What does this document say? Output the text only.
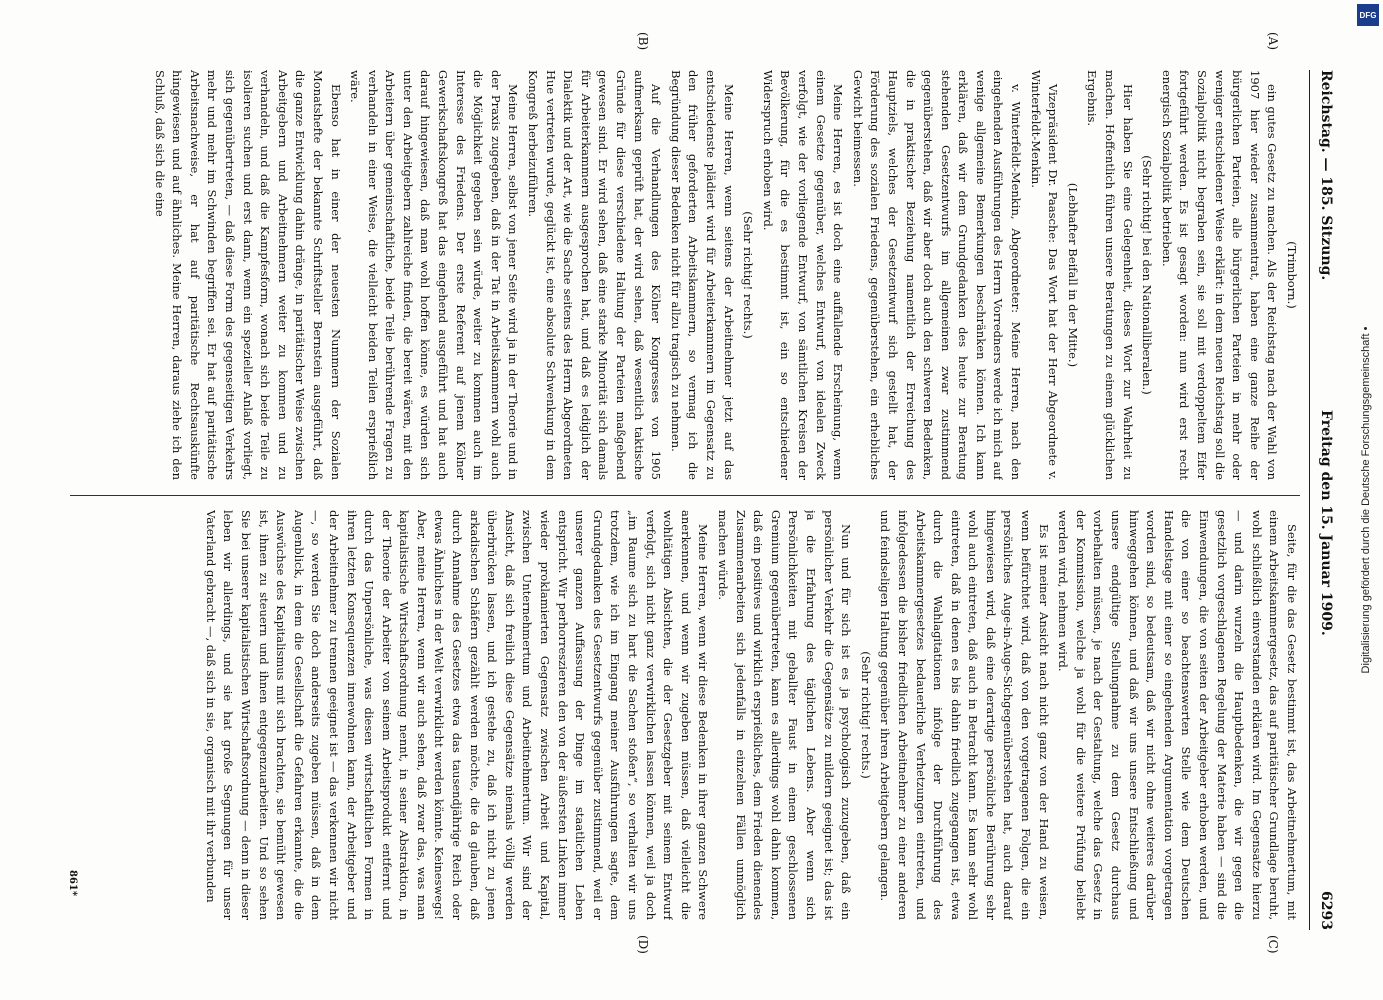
Reichstag. — 185. Sitzung.
Freitag den 15. Januar 1909.
6293
(A)
(B)
(C)
(D)

(Trimborn.)

ein gutes Gesetz zu machen. Als der Reichstag nach der Wahl von 1907 hier wieder zusammentrat, haben eine ganze Reihe der bürgerlichen Parteien, alle bürgerlichen Parteien in mehr oder weniger entschiedener Weise erklärt: in dem neuen Reichstag soll die Sozialpolitik nicht begraben sein, sie soll mit verdoppeltem Eifer fortgeführt werden. Es ist gesagt worden: nun wird erst recht energisch Sozialpolitik betrieben.

(Sehr richtig! bei den Nationalliberalen.)

Hier haben Sie eine Gelegenheit, dieses Wort zur Wahrheit zu machen. Hoffentlich führen unsere Beratungen zu einem glücklichen Ergebnis.

(Lebhafter Beifall in der Mitte.)

Vizepräsident Dr. Paasche: Das Wort hat der Herr Abgeordnete v. Winterfeldt-Menkin.

v. Winterfeldt-Menkin, Abgeordneter: Meine Herren, nach den eingehenden Ausführungen des Herrn Vorredners werde ich mich auf wenige allgemeine Bemerkungen beschränken können. Ich kann erklären, daß wir dem Grundgedanken des heute zur Beratung stehenden Gesetzentwurfs im allgemeinen zwar zustimmend gegenüberstehen, daß wir aber doch auch den schweren Bedenken, die in praktischer Beziehung namentlich der Erreichung des Hauptziels, welches der Gesetzentwurf sich gestellt hat, der Förderung des sozialen Friedens, gegenüberstehen, ein erhebliches Gewicht beimessen.

Meine Herren, es ist doch eine auffallende Erscheinung, wenn einem Gesetze gegenüber, welches Entwurf, von idealen Zweck verfolgt, wie der vorliegende Entwurf, von sämtlichen Kreisen der Bevölkerung, für die es bestimmt ist, ein so entschiedener Widerspruch erhoben wird.

(Sehr richtig! rechts.)

Meine Herren, wenn seitens der Arbeitnehmer jetzt auf das entschiedenste plädiert wird für Arbeiterkammern im Gegensatz zu den früher geforderten Arbeitskammern, so vermag ich die Begründung dieser Bedenken nicht für allzu tragisch zu nehmen.

Auf die Verhandlungen des Kölner Kongresses von 1905 aufmerksam geprüft hat, der wird sehen, daß wesentlich taktische Gründe für diese verschiedene Haltung der Parteien maßgebend gewesen sind. Er wird sehen, daß eine starke Minorität sich damals für Arbeiterkammern ausgesprochen hat, und daß es lediglich der Dialektik und der Art, wie die Sache seitens des Herrn Abgeordneten Hue vertreten wurde, geglückt ist, eine absolute Schwenkung in dem Kongreß herbeizuführen.

Meine Herren, selbst von jener Seite wird ja in der Theorie und in der Praxis zugegeben, daß in der Tat in Arbeitskammern wohl auch die Möglichkeit gegeben sein würde, weiter zu kommen auch im Interesse des Friedens. Der erste Referent auf jenem Kölner Gewerkschaftskongreß hat das eingehend ausgeführt und hat auch darauf hingewiesen, daß man wohl hoffen könne, es würden sich unter den Arbeitgebern zahlreiche finden, die bereit wären, mit den Arbeitern über gemeinschaftliche, beide Teile berührende Fragen zu verhandeln in einer Weise, die vielleicht beiden Teilen ersprießlich wäre.

Ebenso hat in einer der neuesten Nummern der Sozialen Monatshefte der bekannte Schriftsteller Bernstein ausgeführt, daß die ganze Entwicklung dahin dränge, in paritätischer Weise zwischen Arbeitgebern und Arbeitnehmern weiter zu kommen und zu verhandeln, und daß die Kampfesform, wonach sich beide Teile zu isolieren suchen und erst dann, wenn ein spezieller Anlaß vorliegt, sich gegenübertreten, — daß diese Form des gegenseitigen Verkehrs mehr und mehr im Schwinden begriffen sei. Er hat auf paritätische Arbeitsnachweise, er hat auf paritätische Rechtsauskünfte hingewiesen und auf ähnliches. Meine Herren, daraus ziehe ich den Schluß, daß sich die eine

Seite, für die das Gesetz bestimmt ist, das Arbeitnehmertum, mit einem Arbeitskammergesetz, das auf paritätischer Grundlage beruht, wohl schließlich einverstanden erklären wird. Im Gegensatze hierzu — und darin wurzeln die Hauptbedenken, die wir gegen die gesetzlich vorgeschlagenen Regelung der Materie haben — sind die Einwendungen, die von seiten der Arbeitgeber erhoben werden, und die von einer so beachtenswerten Stelle wie dem Deutschen Handelstage mit einer so eingehenden Argumentation vorgetragen worden sind, so bedeutsam, daß wir nicht ohne weiteres darüber hinweggehen können, und daß wir uns unsere Entschließung und unsere endgültige Stellungnahme zu dem Gesetz durchaus vorbehalten müssen, je nach der Gestaltung, welche das Gesetz in der Kommission, welche ja wohl für die weitere Prüfung beliebt werden wird, nehmen wird.

Es ist meiner Ansicht nach nicht ganz von der Hand zu weisen, wenn befürchtet wird, daß von den vorgetragenen Folgen, die ein persönliches Auge-in-Auge-Sichgegenüberstehen hat, auch darauf hingewiesen wird, daß eine derartige persönliche Berührung sehr wohl auch eintreten, daß auch in Betracht kann. Es kann sehr wohl eintreten, daß in denen es bis dahin friedlich zugegangen ist, etwa durch die Wahlagitationen infolge der Durchführung des Arbeitskammergesetzes bedauerliche Verhetzungen eintreten, und infolgedessen die bisher friedlichen Arbeitnehmer zu einer anderen und feindseligen Haltung gegenüber ihren Arbeitgebern gelangen.

(Sehr richtig! rechts.)

Nun und für sich ist es ja psychologisch zuzugeben, daß ein persönlicher Verkehr die Gegensätze zu mildern geeignet ist; das ist ja die Erfahrung des täglichen Lebens. Aber wenn sich Persönlichkeiten mit geballter Faust in einem geschlossenen Gremium gegenübertreten, kann es allerdings wohl dahin kommen, daß ein positives und wirklich ersprießliches, dem Frieden dienendes Zusammenarbeiten sich jedenfalls in einzelnen Fällen unmöglich machen würde.

Meine Herren, wenn wir diese Bedenken in ihrer ganzen Schwere anerkennen, und wenn wir zugeben müssen, daß vielleicht die wohltätigen Absichten, die der Gesetzgeber mit seinem Entwurf verfolgt, sich nicht ganz verwirklichen lassen können, weil ja doch „im Raume sich zu hart die Sachen stoßen“, so verhalten wir uns trotzdem, wie ich im Eingang meiner Ausführungen sagte, dem Grundgedanken des Gesetzentwurfs gegenüber zustimmend, weil er unserer ganzen Auffassung der Dinge im staatlichen Leben entspricht. Wir perhorreszieren den von der äußersten Linken immer wieder proklamierten Gegensatz zwischen Arbeit und Kapital, zwischen Unternehmertum und Arbeitnehmertum. Wir sind der Ansicht, daß sich freilich diese Gegensätze niemals völlig werden überbrücken lassen, und ich gestehe zu, daß ich nicht zu jenen arkadischen Schäfern gezählt werden möchte, die da glauben, daß durch Annahme des Gesetzes etwa das tausendjährige Reich oder etwas Ähnliches in der Welt verwirklicht werden könnte. Keineswegs! Aber, meine Herren, wenn wir auch sehen, daß zwar das, was man kapitalistische Wirtschaftsordnung nennt, in seiner Abstraktion, in der Theorie der Arbeiter von seinem Arbeitsprodukt entfernt und durch das Unpersönliche, was diesen wirtschaftlichen Formen in ihren letzten Konsequenzen innewohnen kann, der Arbeitgeber und der Arbeitnehmer zu trennen geeignet ist — das verkennen wir nicht —, so werden Sie doch anderseits zugeben müssen, daß in dem Augenblick, in dem die Gesellschaft die Gefahren erkannte, die die Auswüchse des Kapitalismus mit sich brachten, sie bemüht gewesen ist, ihnen zu steuern und ihnen entgegenzuarbeiten. Und so sehen Sie bei unserer kapitalistischen Wirtschaftsordnung — denn in dieser leben wir allerdings, und sie hat große Segnungen für unser Vaterland gebracht —, daß sich in sie, organisch mit ihr verbunden

861*
DFG
Digitalisierung gefördert durch die Deutsche Forschungsgemeinschaft •
